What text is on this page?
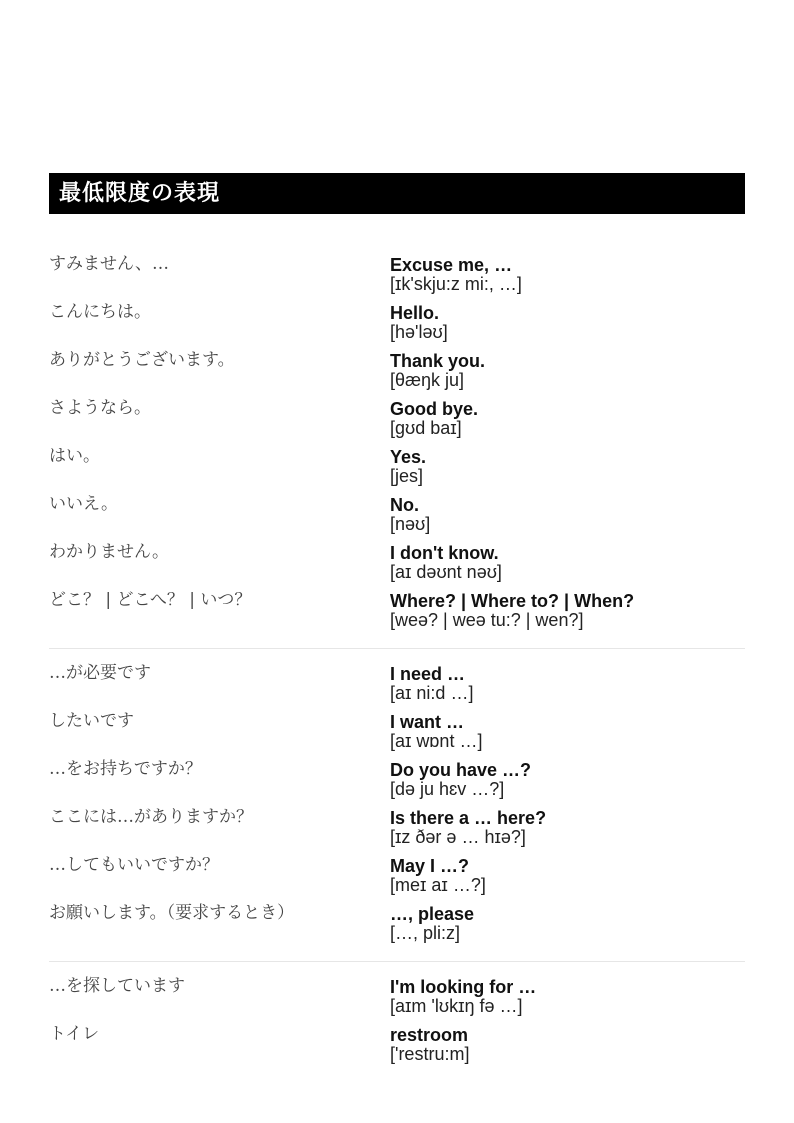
最低限度の表現
すみません、…	Excuse me, …
[ɪk'skju:z mi:, …]
こんにちは。	Hello.
[hə'ləʊ]
ありがとうございます。	Thank you.
[θæŋk ju]
さようなら。	Good bye.
[gʊd baɪ]
はい。	Yes.
[jes]
いいえ。	No.
[nəʊ]
わかりません。	I don't know.
[aɪ dəʊnt nəʊ]
どこ？ | どこへ？ | いつ？	Where? | Where to? | When?
[weə? | weə tu:? | wen?]
…が必要です	I need …
[aɪ ni:d …]
したいです	I want …
[aɪ wɒnt …]
…をお持ちですか？	Do you have …?
[də ju hɛv …?]
ここには…がありますか？	Is there a … here?
[ɪz ðər ə … hɪə?]
…してもいいですか？	May I …?
[meɪ aɪ …?]
お願いします。（要求するとき）	…, please
[…, pli:z]
…を探しています	I'm looking for …
[aɪm 'lʊkɪŋ fə …]
トイレ	restroom
['restru:m]
